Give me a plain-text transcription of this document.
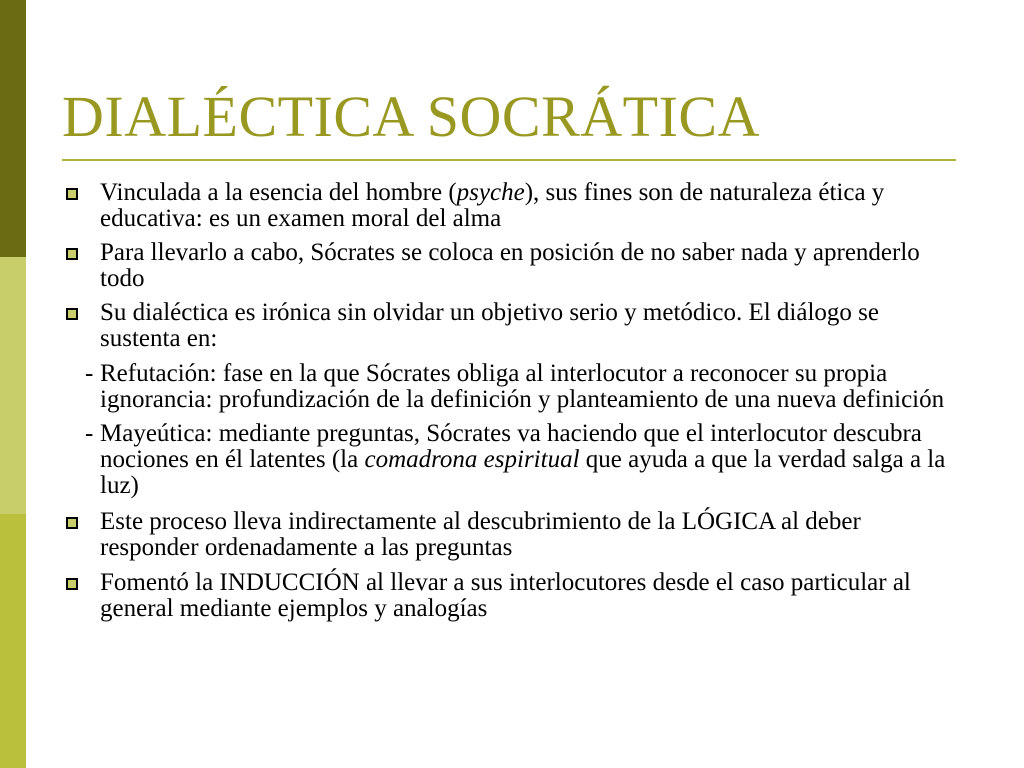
DIALÉCTICA SOCRÁTICA
Vinculada a la esencia del hombre (psyche), sus fines son de naturaleza ética y educativa: es un examen moral del alma
Para llevarlo a cabo, Sócrates se coloca en posición de no saber nada y aprenderlo todo
Su dialéctica es irónica sin olvidar un objetivo serio y metódico. El diálogo se sustenta en:
- Refutación: fase en la que Sócrates obliga al interlocutor a reconocer su propia ignorancia: profundización de la definición y planteamiento de una nueva definición
- Mayeútica: mediante preguntas, Sócrates va haciendo que el interlocutor descubra nociones en él latentes (la comadrona espiritual que ayuda a que la verdad salga a la luz)
Este proceso lleva indirectamente al descubrimiento de la LÓGICA al deber responder ordenadamente a las preguntas
Fomentó la INDUCCIÓN al llevar a sus interlocutores desde el caso particular al general mediante ejemplos y analogías
